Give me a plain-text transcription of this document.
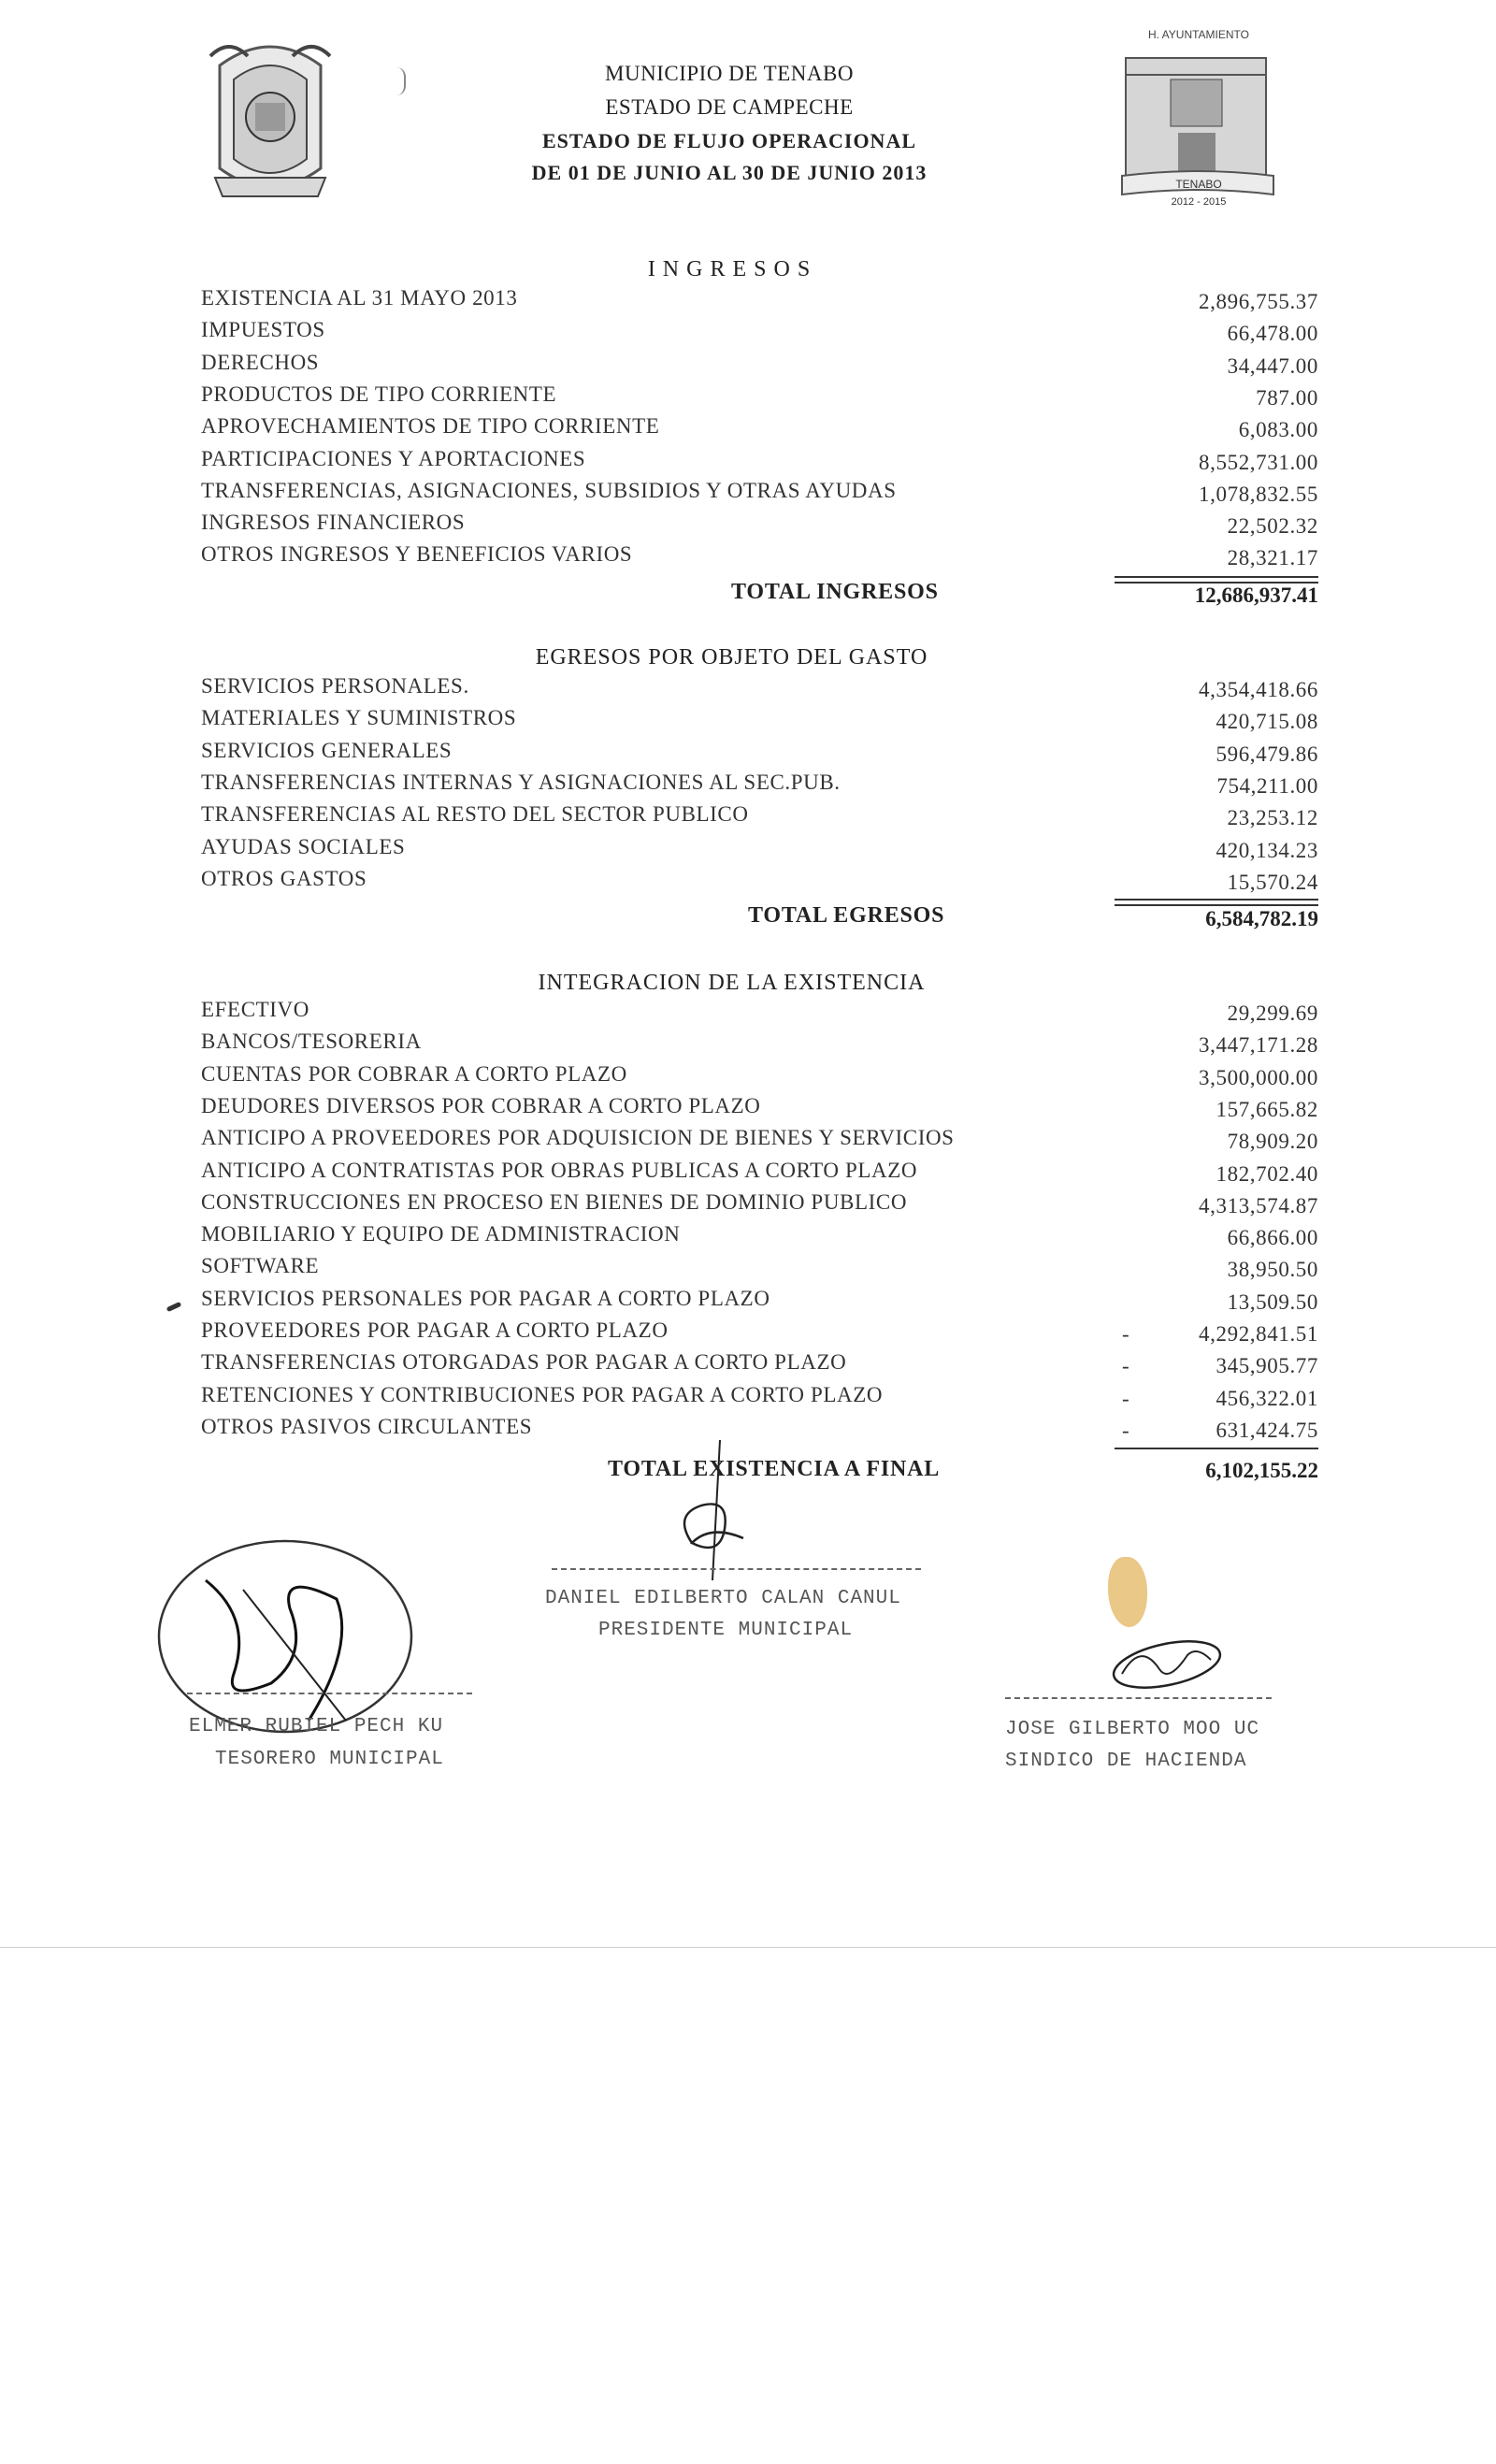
MUNICIPIO DE TENABO
ESTADO DE CAMPECHE
ESTADO DE FLUJO OPERACIONAL
DE 01 DE JUNIO AL 30 DE JUNIO 2013
H. AYUNTAMIENTO
TENABO
2012 - 2015
I N G R E S O S
EXISTENCIA AL 31 MAYO 2013	2,896,755.37
IMPUESTOS	66,478.00
DERECHOS	34,447.00
PRODUCTOS DE TIPO CORRIENTE	787.00
APROVECHAMIENTOS DE TIPO CORRIENTE	6,083.00
PARTICIPACIONES Y APORTACIONES	8,552,731.00
TRANSFERENCIAS, ASIGNACIONES, SUBSIDIOS Y OTRAS AYUDAS	1,078,832.55
INGRESOS FINANCIEROS	22,502.32
OTROS INGRESOS Y BENEFICIOS VARIOS	28,321.17
TOTAL INGRESOS	12,686,937.41
EGRESOS POR OBJETO DEL GASTO
SERVICIOS PERSONALES.	4,354,418.66
MATERIALES Y SUMINISTROS	420,715.08
SERVICIOS GENERALES	596,479.86
TRANSFERENCIAS INTERNAS Y ASIGNACIONES AL SEC.PUB.	754,211.00
TRANSFERENCIAS AL RESTO DEL SECTOR PUBLICO	23,253.12
AYUDAS SOCIALES	420,134.23
OTROS GASTOS	15,570.24
TOTAL EGRESOS	6,584,782.19
INTEGRACION DE LA EXISTENCIA
EFECTIVO	29,299.69
BANCOS/TESORERIA	3,447,171.28
CUENTAS POR COBRAR A CORTO PLAZO	3,500,000.00
DEUDORES DIVERSOS POR COBRAR A CORTO PLAZO	157,665.82
ANTICIPO A PROVEEDORES POR ADQUISICION DE BIENES Y SERVICIOS	78,909.20
ANTICIPO A CONTRATISTAS POR OBRAS PUBLICAS A CORTO PLAZO	182,702.40
CONSTRUCCIONES EN PROCESO EN BIENES DE DOMINIO PUBLICO	4,313,574.87
MOBILIARIO Y EQUIPO DE ADMINISTRACION	66,866.00
SOFTWARE	38,950.50
SERVICIOS PERSONALES POR PAGAR A CORTO PLAZO	13,509.50
PROVEEDORES POR PAGAR A CORTO PLAZO	-	4,292,841.51
TRANSFERENCIAS OTORGADAS POR PAGAR A CORTO PLAZO	-	345,905.77
RETENCIONES Y CONTRIBUCIONES POR PAGAR A CORTO PLAZO	-	456,322.01
OTROS PASIVOS CIRCULANTES	-	631,424.75
TOTAL EXISTENCIA A FINAL	6,102,155.22
DANIEL EDILBERTO CALAN CANUL
PRESIDENTE MUNICIPAL
ELMER RUBIEL PECH KU
TESORERO MUNICIPAL
JOSE GILBERTO MOO UC
SINDICO DE HACIENDA
